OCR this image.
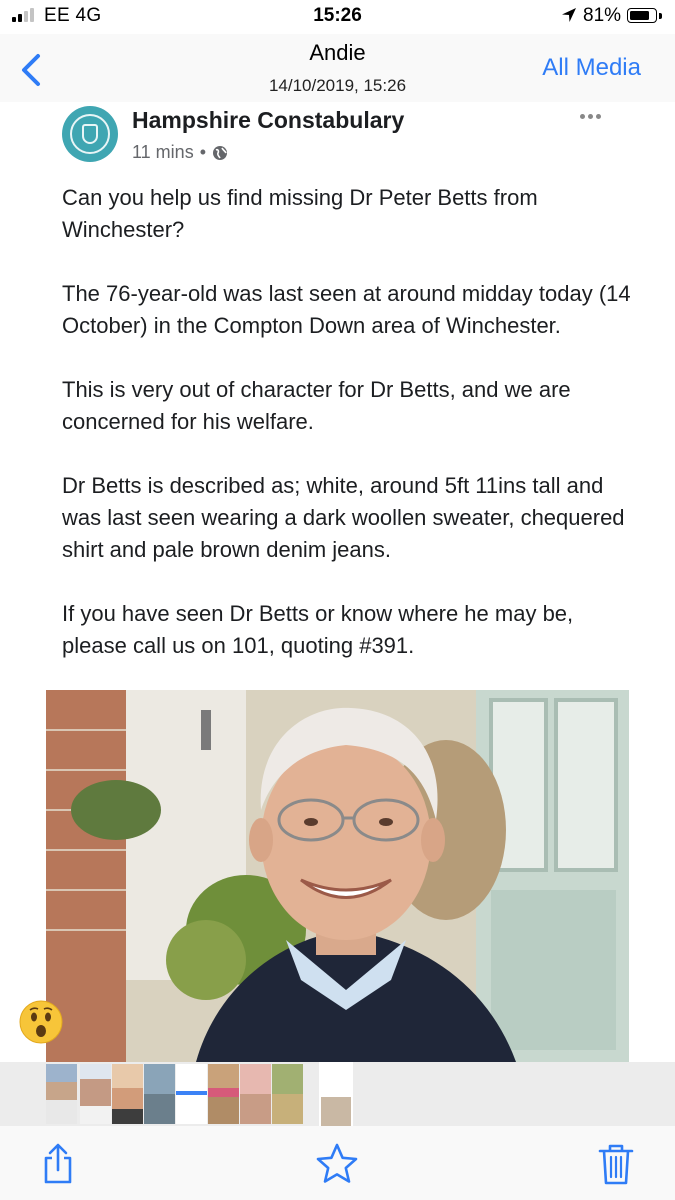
EE 4G	15:26	81%
Andie
14/10/2019, 15:26
All Media
Hampshire Constabulary
11 mins •

Can you help us find missing Dr Peter Betts from Winchester?

The 76-year-old was last seen at around midday today (14 October) in the Compton Down area of Winchester.

This is very out of character for Dr Betts, and we are concerned for his welfare.

Dr Betts is described as; white, around 5ft 11ins tall and was last seen wearing a dark woollen sweater, chequered shirt and pale brown denim jeans.

If you have seen Dr Betts or know where he may be, please call us on 101, quoting #391.
